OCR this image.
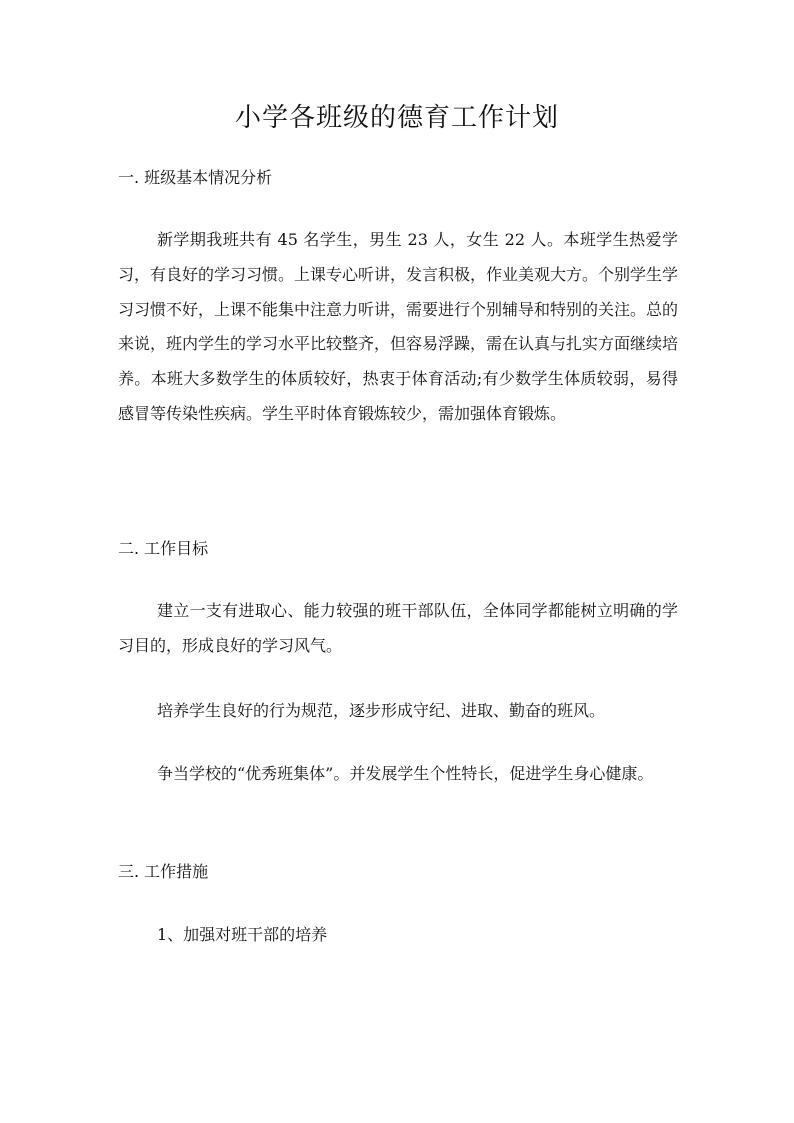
小学各班级的德育工作计划

一. 班级基本情况分析

新学期我班共有 45 名学生，男生 23 人，女生 22 人。本班学生热爱学习，有良好的学习习惯。上课专心听讲，发言积极，作业美观大方。个别学生学习习惯不好，上课不能集中注意力听讲，需要进行个别辅导和特别的关注。总的来说，班内学生的学习水平比较整齐，但容易浮躁，需在认真与扎实方面继续培养。本班大多数学生的体质较好，热衷于体育活动;有少数学生体质较弱，易得感冒等传染性疾病。学生平时体育锻炼较少，需加强体育锻炼。

二. 工作目标

建立一支有进取心、能力较强的班干部队伍，全体同学都能树立明确的学习目的，形成良好的学习风气。

培养学生良好的行为规范，逐步形成守纪、进取、勤奋的班风。

争当学校的“优秀班集体”。并发展学生个性特长，促进学生身心健康。

三. 工作措施

1、加强对班干部的培养
